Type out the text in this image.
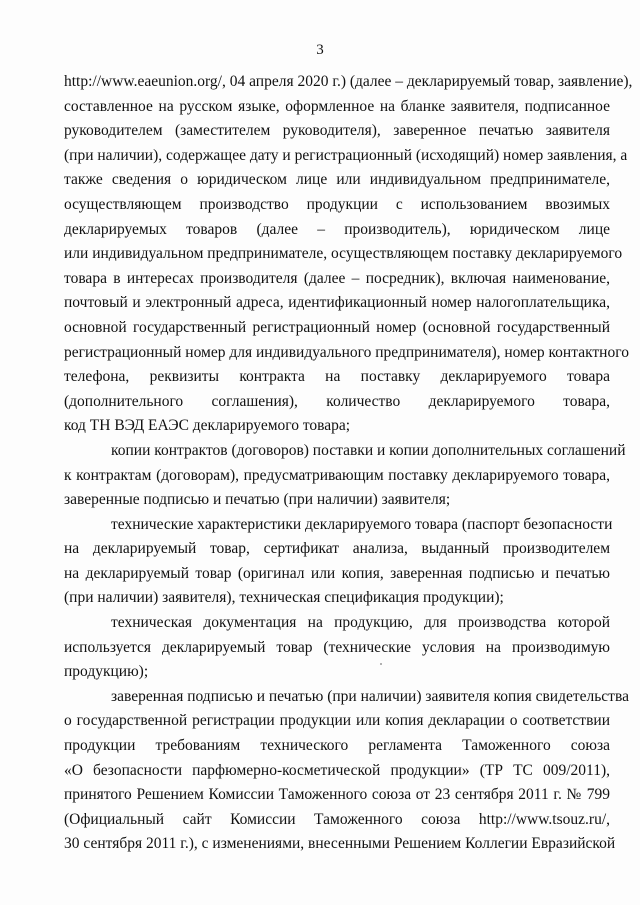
3
http://www.eaeunion.org/, 04 апреля 2020 г.) (далее – декларируемый товар, заявление),
составленное на русском языке, оформленное на бланке заявителя, подписанное
руководителем (заместителем руководителя), заверенное печатью заявителя
(при наличии), содержащее дату и регистрационный (исходящий) номер заявления, а
также сведения о юридическом лице или индивидуальном предпринимателе,
осуществляющем производство продукции с использованием ввозимых
декларируемых товаров (далее – производитель), юридическом лице
или индивидуальном предпринимателе, осуществляющем поставку декларируемого
товара в интересах производителя (далее – посредник), включая наименование,
почтовый и электронный адреса, идентификационный номер налогоплательщика,
основной государственный регистрационный номер (основной государственный
регистрационный номер для индивидуального предпринимателя), номер контактного
телефона, реквизиты контракта на поставку декларируемого товара
(дополнительного соглашения), количество декларируемого товара,
код ТН ВЭД ЕАЭС декларируемого товара;
копии контрактов (договоров) поставки и копии дополнительных соглашений
к контрактам (договорам), предусматривающим поставку декларируемого товара,
заверенные подписью и печатью (при наличии) заявителя;
технические характеристики декларируемого товара (паспорт безопасности
на декларируемый товар, сертификат анализа, выданный производителем
на декларируемый товар (оригинал или копия, заверенная подписью и печатью
(при наличии) заявителя), техническая спецификация продукции);
техническая документация на продукцию, для производства которой
используется декларируемый товар (технические условия на производимую
продукцию);
заверенная подписью и печатью (при наличии) заявителя копия свидетельства
о государственной регистрации продукции или копия декларации о соответствии
продукции требованиям технического регламента Таможенного союза
«О безопасности парфюмерно-косметической продукции» (ТР ТС 009/2011),
принятого Решением Комиссии Таможенного союза от 23 сентября 2011 г. № 799
(Официальный сайт Комиссии Таможенного союза http://www.tsouz.ru/,
30 сентября 2011 г.), с изменениями, внесенными Решением Коллегии Евразийской
